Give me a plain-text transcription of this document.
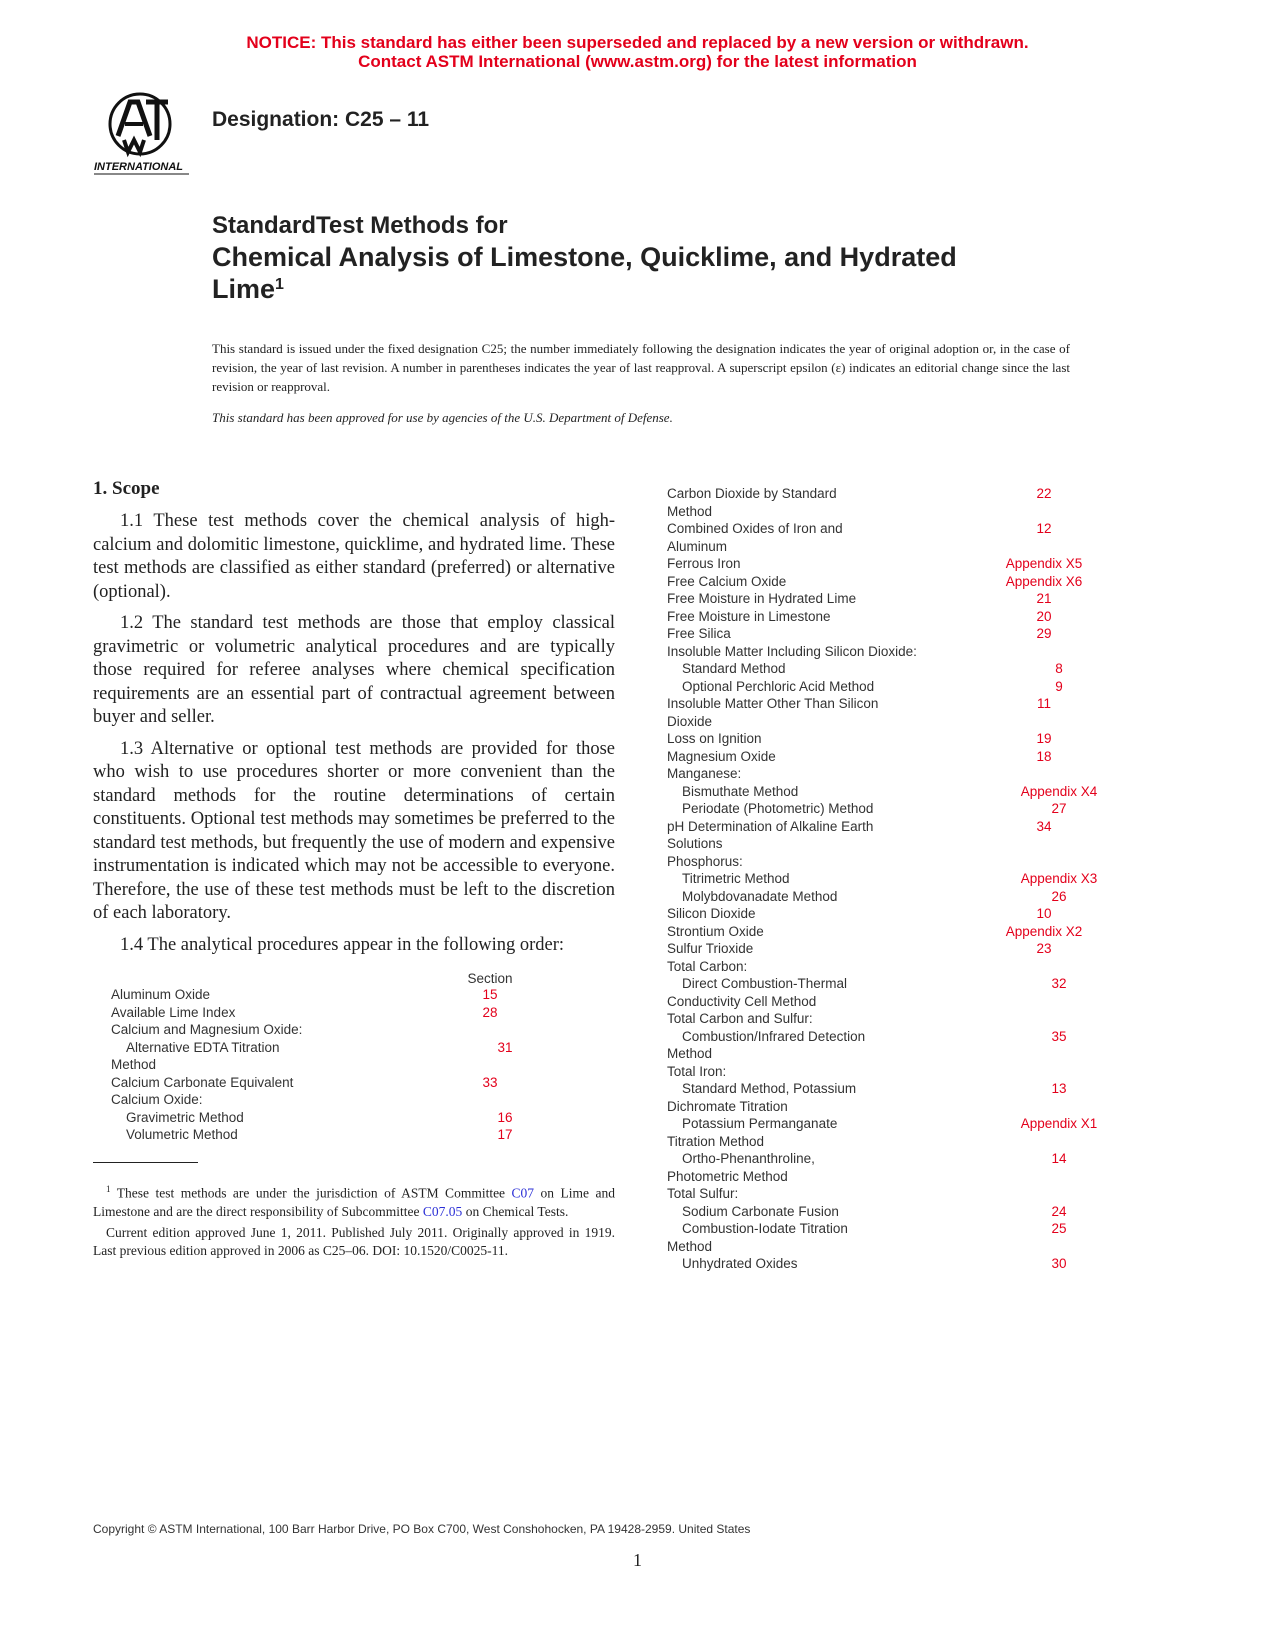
NOTICE: This standard has either been superseded and replaced by a new version or withdrawn.
Contact ASTM International (www.astm.org) for the latest information
INTERNATIONAL
Designation: C25 – 11
StandardTest Methods for
Chemical Analysis of Limestone, Quicklime, and Hydrated
Lime$^1$
This standard is issued under the fixed designation C25; the number immediately following the designation indicates the year of original adoption or, in the case of revision, the year of last revision. A number in parentheses indicates the year of last reapproval. A superscript epsilon (ε) indicates an editorial change since the last revision or reapproval.
This standard has been approved for use by agencies of the U.S. Department of Defense.
1. Scope

1.1 These test methods cover the chemical analysis of high-calcium and dolomitic limestone, quicklime, and hydrated lime. These test methods are classified as either standard (preferred) or alternative (optional).

1.2 The standard test methods are those that employ classical gravimetric or volumetric analytical procedures and are typically those required for referee analyses where chemical specification requirements are an essential part of contractual agreement between buyer and seller.

1.3 Alternative or optional test methods are provided for those who wish to use procedures shorter or more convenient than the standard methods for the routine determinations of certain constituents. Optional test methods may sometimes be preferred to the standard test methods, but frequently the use of modern and expensive instrumentation is indicated which may not be accessible to everyone. Therefore, the use of these test methods must be left to the discretion of each laboratory.

1.4 The analytical procedures appear in the following order:

Section
Aluminum Oxide	15
Available Lime Index	28
Calcium and Magnesium Oxide:
Alternative EDTA Titration	31
Method
Calcium Carbonate Equivalent	33
Calcium Oxide:
Gravimetric Method	16
Volumetric Method	17
Carbon Dioxide by Standard	22
Method
Combined Oxides of Iron and	12
Aluminum
Ferrous Iron	Appendix X5
Free Calcium Oxide	Appendix X6
Free Moisture in Hydrated Lime	21
Free Moisture in Limestone	20
Free Silica	29
Insoluble Matter Including Silicon Dioxide:
Standard Method	8
Optional Perchloric Acid Method	9
Insoluble Matter Other Than Silicon	11
Dioxide
Loss on Ignition	19
Magnesium Oxide	18
Manganese:
Bismuthate Method	Appendix X4
Periodate (Photometric) Method	27
pH Determination of Alkaline Earth	34
Solutions
Phosphorus:
Titrimetric Method	Appendix X3
Molybdovanadate Method	26
Silicon Dioxide	10
Strontium Oxide	Appendix X2
Sulfur Trioxide	23
Total Carbon:
Direct Combustion-Thermal	32
Conductivity Cell Method
Total Carbon and Sulfur:
Combustion/Infrared Detection	35
Method
Total Iron:
Standard Method, Potassium	13
Dichromate Titration
Potassium Permanganate	Appendix X1
Titration Method
Ortho-Phenanthroline,	14
Photometric Method
Total Sulfur:
Sodium Carbonate Fusion	24
Combustion-Iodate Titration	25
Method
Unhydrated Oxides	30

$^1$ These test methods are under the jurisdiction of ASTM Committee C07 on Lime and Limestone and are the direct responsibility of Subcommittee C07.05 on Chemical Tests.

Current edition approved June 1, 2011. Published July 2011. Originally approved in 1919. Last previous edition approved in 2006 as C25–06. DOI: 10.1520/C0025-11.

Copyright © ASTM International, 100 Barr Harbor Drive, PO Box C700, West Conshohocken, PA 19428-2959. United States
1
